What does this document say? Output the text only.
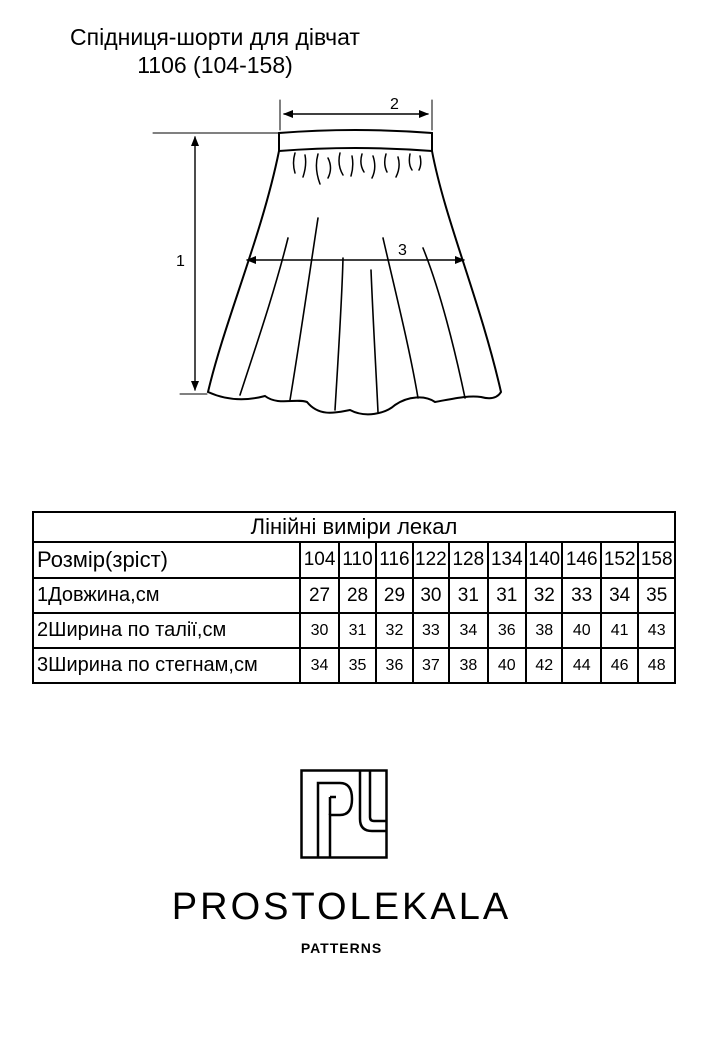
Спідниця-шорти для дівчат
1106 (104-158)
1
2
3
Лінійні виміри лекал										
Розмір(зріст)	104	110	116	122	128	134	140	146	152	158
1Довжина,см	27	28	29	30	31	31	32	33	34	35
2Ширина по талії,см	30	31	32	33	34	36	38	40	41	43
3Ширина по стегнам,см	34	35	36	37	38	40	42	44	46	48
PROSTOLEKALA
PATTERNS
